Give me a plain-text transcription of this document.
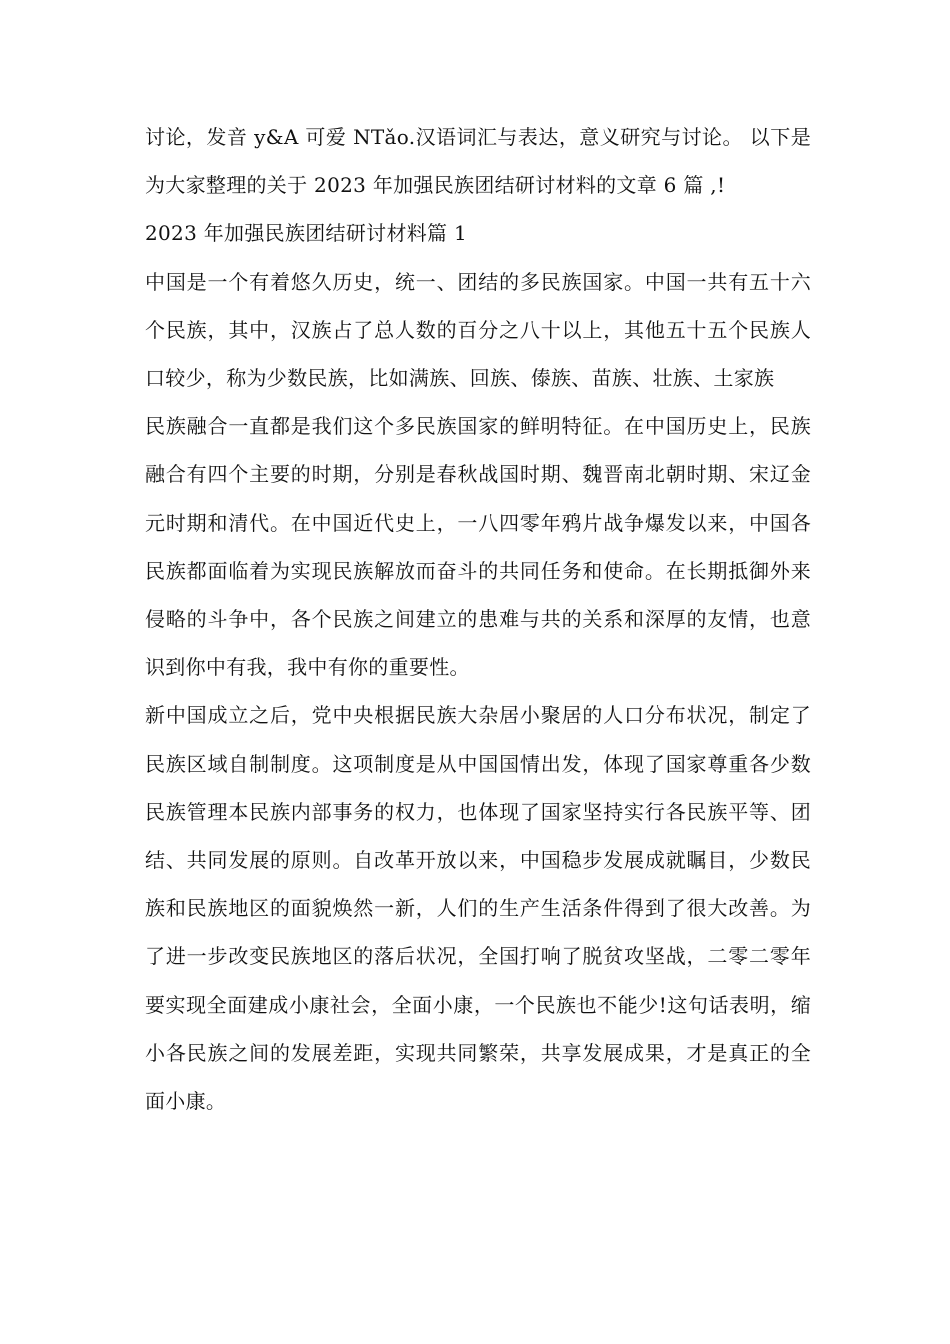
讨论，发音 y&A 可爱 NTǎo.汉语词汇与表达，意义研究与讨论。 以下是为大家整理的关于 2023 年加强民族团结研讨材料的文章 6 篇 ,!

2023 年加强民族团结研讨材料篇 1

中国是一个有着悠久历史，统一、团结的多民族国家。中国一共有五十六个民族，其中，汉族占了总人数的百分之八十以上，其他五十五个民族人口较少，称为少数民族，比如满族、回族、傣族、苗族、壮族、土家族

民族融合一直都是我们这个多民族国家的鲜明特征。在中国历史上，民族融合有四个主要的时期，分别是春秋战国时期、魏晋南北朝时期、宋辽金元时期和清代。在中国近代史上，一八四零年鸦片战争爆发以来，中国各民族都面临着为实现民族解放而奋斗的共同任务和使命。在长期抵御外来侵略的斗争中，各个民族之间建立的患难与共的关系和深厚的友情，也意识到你中有我，我中有你的重要性。

新中国成立之后，党中央根据民族大杂居小聚居的人口分布状况，制定了民族区域自制制度。这项制度是从中国国情出发，体现了国家尊重各少数民族管理本民族内部事务的权力，也体现了国家坚持实行各民族平等、团结、共同发展的原则。自改革开放以来，中国稳步发展成就瞩目，少数民族和民族地区的面貌焕然一新，人们的生产生活条件得到了很大改善。为了进一步改变民族地区的落后状况，全国打响了脱贫攻坚战，二零二零年要实现全面建成小康社会，全面小康，一个民族也不能少!这句话表明，缩小各民族之间的发展差距，实现共同繁荣，共享发展成果，才是真正的全面小康。
